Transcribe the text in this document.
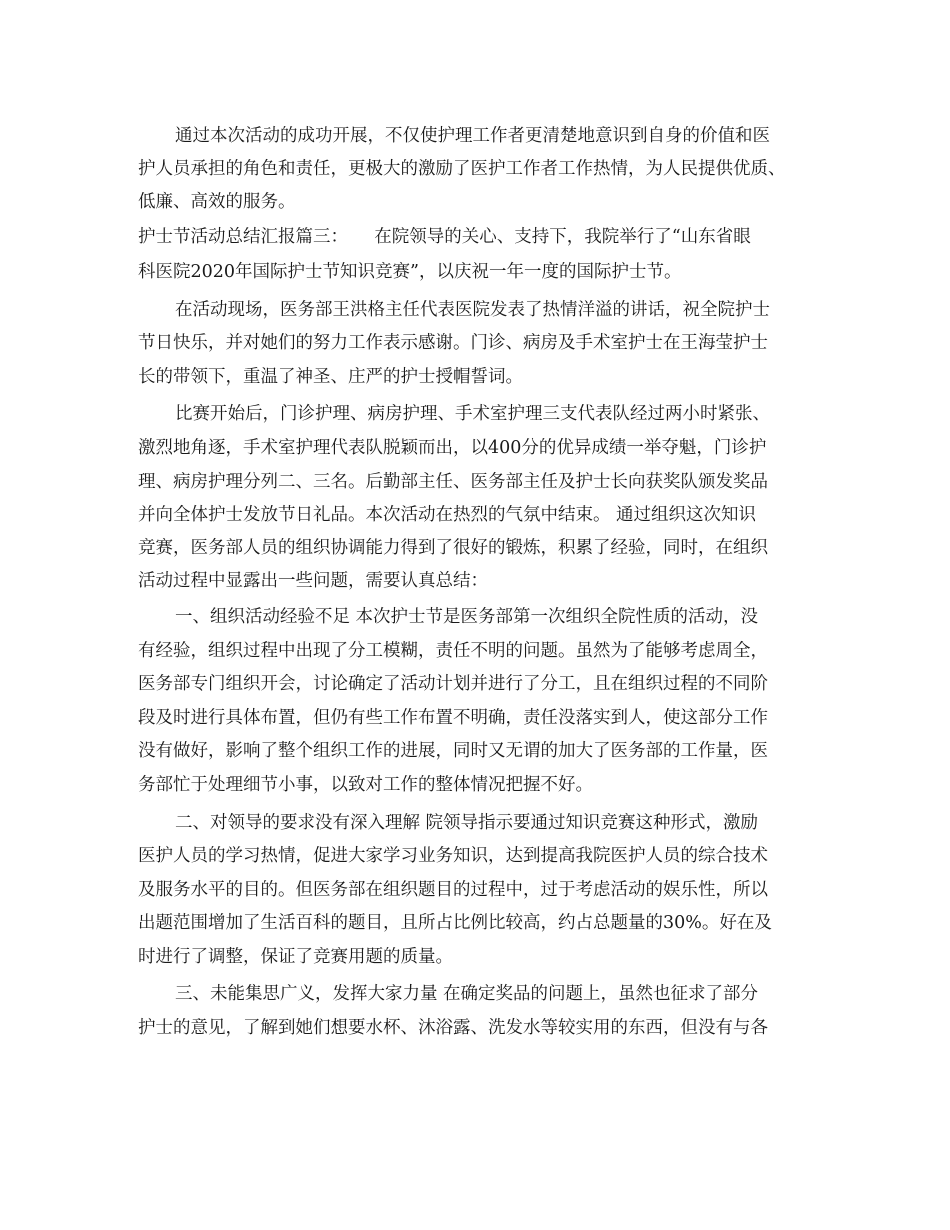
通过本次活动的成功开展，不仅使护理工作者更清楚地意识到自身的价值和医
护人员承担的角色和责任，更极大的激励了医护工作者工作热情，为人民提供优质、
低廉、高效的服务。
护士节活动总结汇报篇三：　　在院领导的关心、支持下，我院举行了“山东省眼
科医院2020年国际护士节知识竞赛”，以庆祝一年一度的国际护士节。
在活动现场，医务部王洪格主任代表医院发表了热情洋溢的讲话，祝全院护士
节日快乐，并对她们的努力工作表示感谢。门诊、病房及手术室护士在王海莹护士
长的带领下，重温了神圣、庄严的护士授帽誓词。
比赛开始后，门诊护理、病房护理、手术室护理三支代表队经过两小时紧张、
激烈地角逐，手术室护理代表队脱颖而出，以400分的优异成绩一举夺魁，门诊护
理、病房护理分列二、三名。后勤部主任、医务部主任及护士长向获奖队颁发奖品
并向全体护士发放节日礼品。本次活动在热烈的气氛中结束。 通过组织这次知识
竞赛，医务部人员的组织协调能力得到了很好的锻炼，积累了经验，同时，在组织
活动过程中显露出一些问题，需要认真总结：
一、组织活动经验不足 本次护士节是医务部第一次组织全院性质的活动，没
有经验，组织过程中出现了分工模糊，责任不明的问题。虽然为了能够考虑周全，
医务部专门组织开会，讨论确定了活动计划并进行了分工，且在组织过程的不同阶
段及时进行具体布置，但仍有些工作布置不明确，责任没落实到人，使这部分工作
没有做好，影响了整个组织工作的进展，同时又无谓的加大了医务部的工作量，医
务部忙于处理细节小事，以致对工作的整体情况把握不好。
二、对领导的要求没有深入理解 院领导指示要通过知识竞赛这种形式，激励
医护人员的学习热情，促进大家学习业务知识，达到提高我院医护人员的综合技术
及服务水平的目的。但医务部在组织题目的过程中，过于考虑活动的娱乐性，所以
出题范围增加了生活百科的题目，且所占比例比较高，约占总题量的30%。好在及
时进行了调整，保证了竞赛用题的质量。
三、未能集思广义，发挥大家力量 在确定奖品的问题上，虽然也征求了部分
护士的意见，了解到她们想要水杯、沐浴露、洗发水等较实用的东西，但没有与各
